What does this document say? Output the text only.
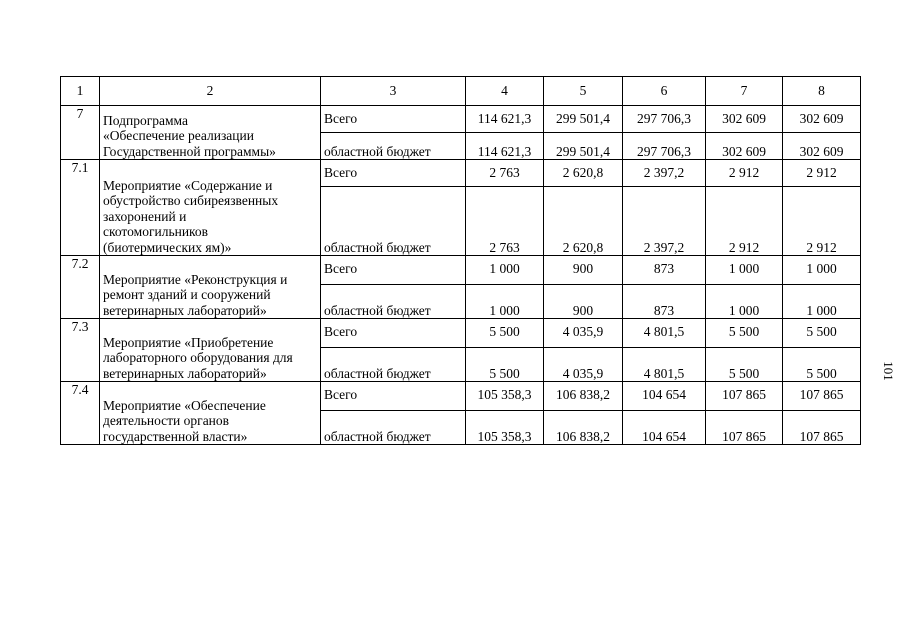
1	2	3	4	5	6	7	8
7	Подпрограмма
«Обеспечение реализации
Государственной программы»	Всего	114 621,3	299 501,4	297 706,3	302 609	302 609
		областной бюджет	114 621,3	299 501,4	297 706,3	302 609	302 609
7.1	Мероприятие «Содержание и
обустройство сибиреязвенных
захоронений и
скотомогильников
(биотермических ям)»	Всего	2 763	2 620,8	2 397,2	2 912	2 912
		областной бюджет	2 763	2 620,8	2 397,2	2 912	2 912
7.2	Мероприятие «Реконструкция и
ремонт зданий и сооружений
ветеринарных лабораторий»	Всего	1 000	900	873	1 000	1 000
		областной бюджет	1 000	900	873	1 000	1 000
7.3	Мероприятие «Приобретение
лабораторного оборудования для
ветеринарных лабораторий»	Всего	5 500	4 035,9	4 801,5	5 500	5 500
		областной бюджет	5 500	4 035,9	4 801,5	5 500	5 500
7.4	Мероприятие «Обеспечение
деятельности органов
государственной власти»	Всего	105 358,3	106 838,2	104 654	107 865	107 865
		областной бюджет	105 358,3	106 838,2	104 654	107 865	107 865
101
